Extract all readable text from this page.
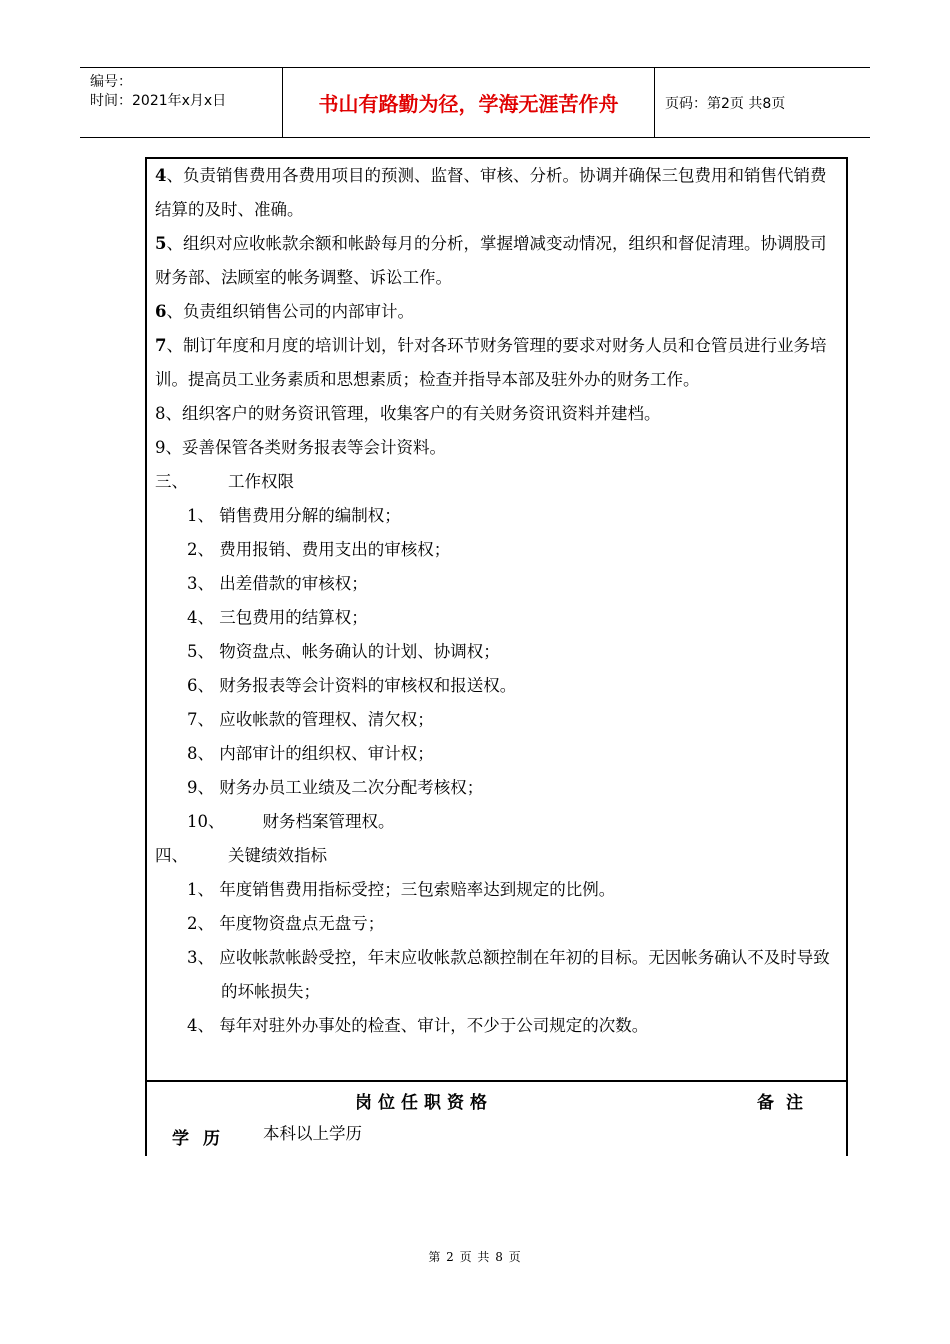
编号：
时间：2021年x月x日	书山有路勤为径，学海无涯苦作舟	页码：第2页 共8页

4、负责销售费用各费用项目的预测、监督、审核、分析。协调并确保三包费用和销售代销费结算的及时、准确。

5、组织对应收帐款余额和帐龄每月的分析，掌握增减变动情况，组织和督促清理。协调股司财务部、法顾室的帐务调整、诉讼工作。

6、负责组织销售公司的内部审计。

7、制订年度和月度的培训计划，针对各环节财务管理的要求对财务人员和仓管员进行业务培训。提高员工业务素质和思想素质；检查并指导本部及驻外办的财务工作。

8、组织客户的财务资讯管理，收集客户的有关财务资讯资料并建档。

9、妥善保管各类财务报表等会计资料。

三、 工作权限

1、 销售费用分解的编制权；

2、 费用报销、费用支出的审核权；

3、 出差借款的审核权；

4、 三包费用的结算权；

5、 物资盘点、帐务确认的计划、协调权；

6、 财务报表等会计资料的审核权和报送权。

7、 应收帐款的管理权、清欠权；

8、 内部审计的组织权、审计权；

9、 财务办员工业绩及二次分配考核权；

10、 财务档案管理权。

四、 关键绩效指标

1、 年度销售费用指标受控；三包索赔率达到规定的比例。

2、 年度物资盘点无盘亏；

3、 应收帐款帐龄受控，年末应收帐款总额控制在年初的目标。无因帐务确认不及时导致的坏帐损失；

4、 每年对驻外办事处的检查、审计，不少于公司规定的次数。

岗位任职资格	备注
学历 本科以上学历
第 2 页 共 8 页
